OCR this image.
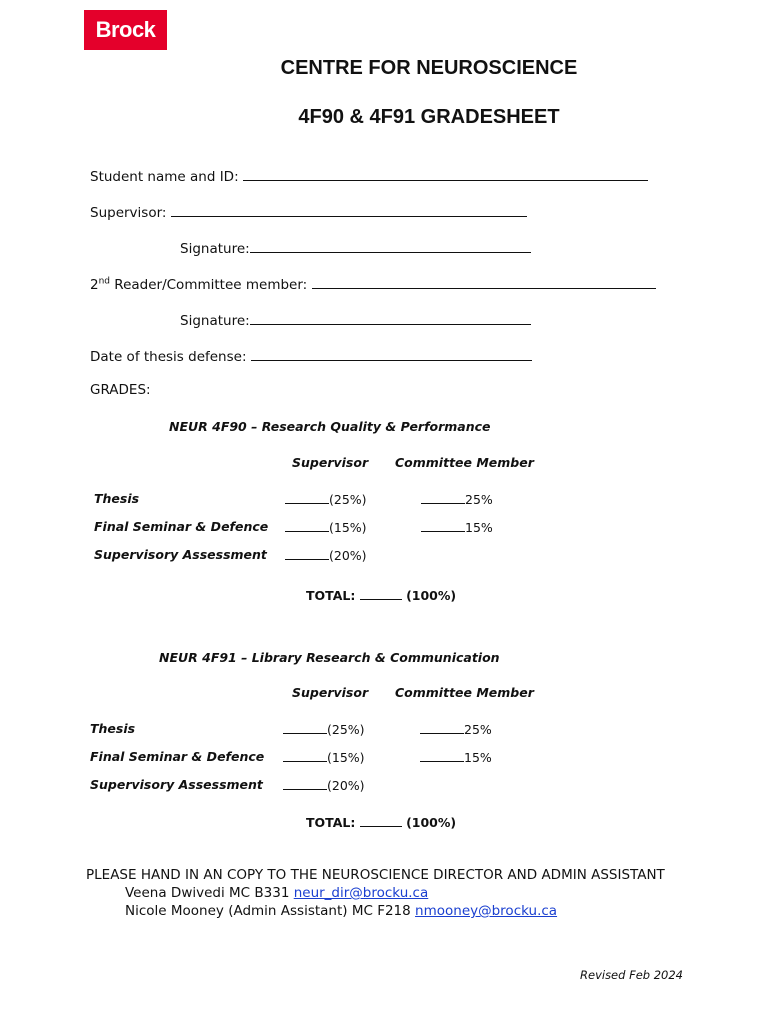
Brock
CENTRE FOR NEUROSCIENCE
4F90 & 4F91 GRADESHEET
Student name and ID:
Supervisor:
Signature:
2nd Reader/Committee member:
Signature:
Date of thesis defense:
GRADES:
NEUR 4F90 – Research Quality & Performance
Supervisor Committee Member
Thesis	(25%)	25%
Final Seminar & Defence	(15%)	15%
Supervisory Assessment	(20%)
TOTAL:	(100%)
NEUR 4F91 – Library Research & Communication
Supervisor Committee Member
Thesis	(25%)	25%
Final Seminar & Defence	(15%)	15%
Supervisory Assessment	(20%)
TOTAL:	(100%)
PLEASE HAND IN AN COPY TO THE NEUROSCIENCE DIRECTOR AND ADMIN ASSISTANT
Veena Dwivedi MC B331 neur_dir@brocku.ca
Nicole Mooney (Admin Assistant) MC F218 nmooney@brocku.ca
Revised Feb 2024
